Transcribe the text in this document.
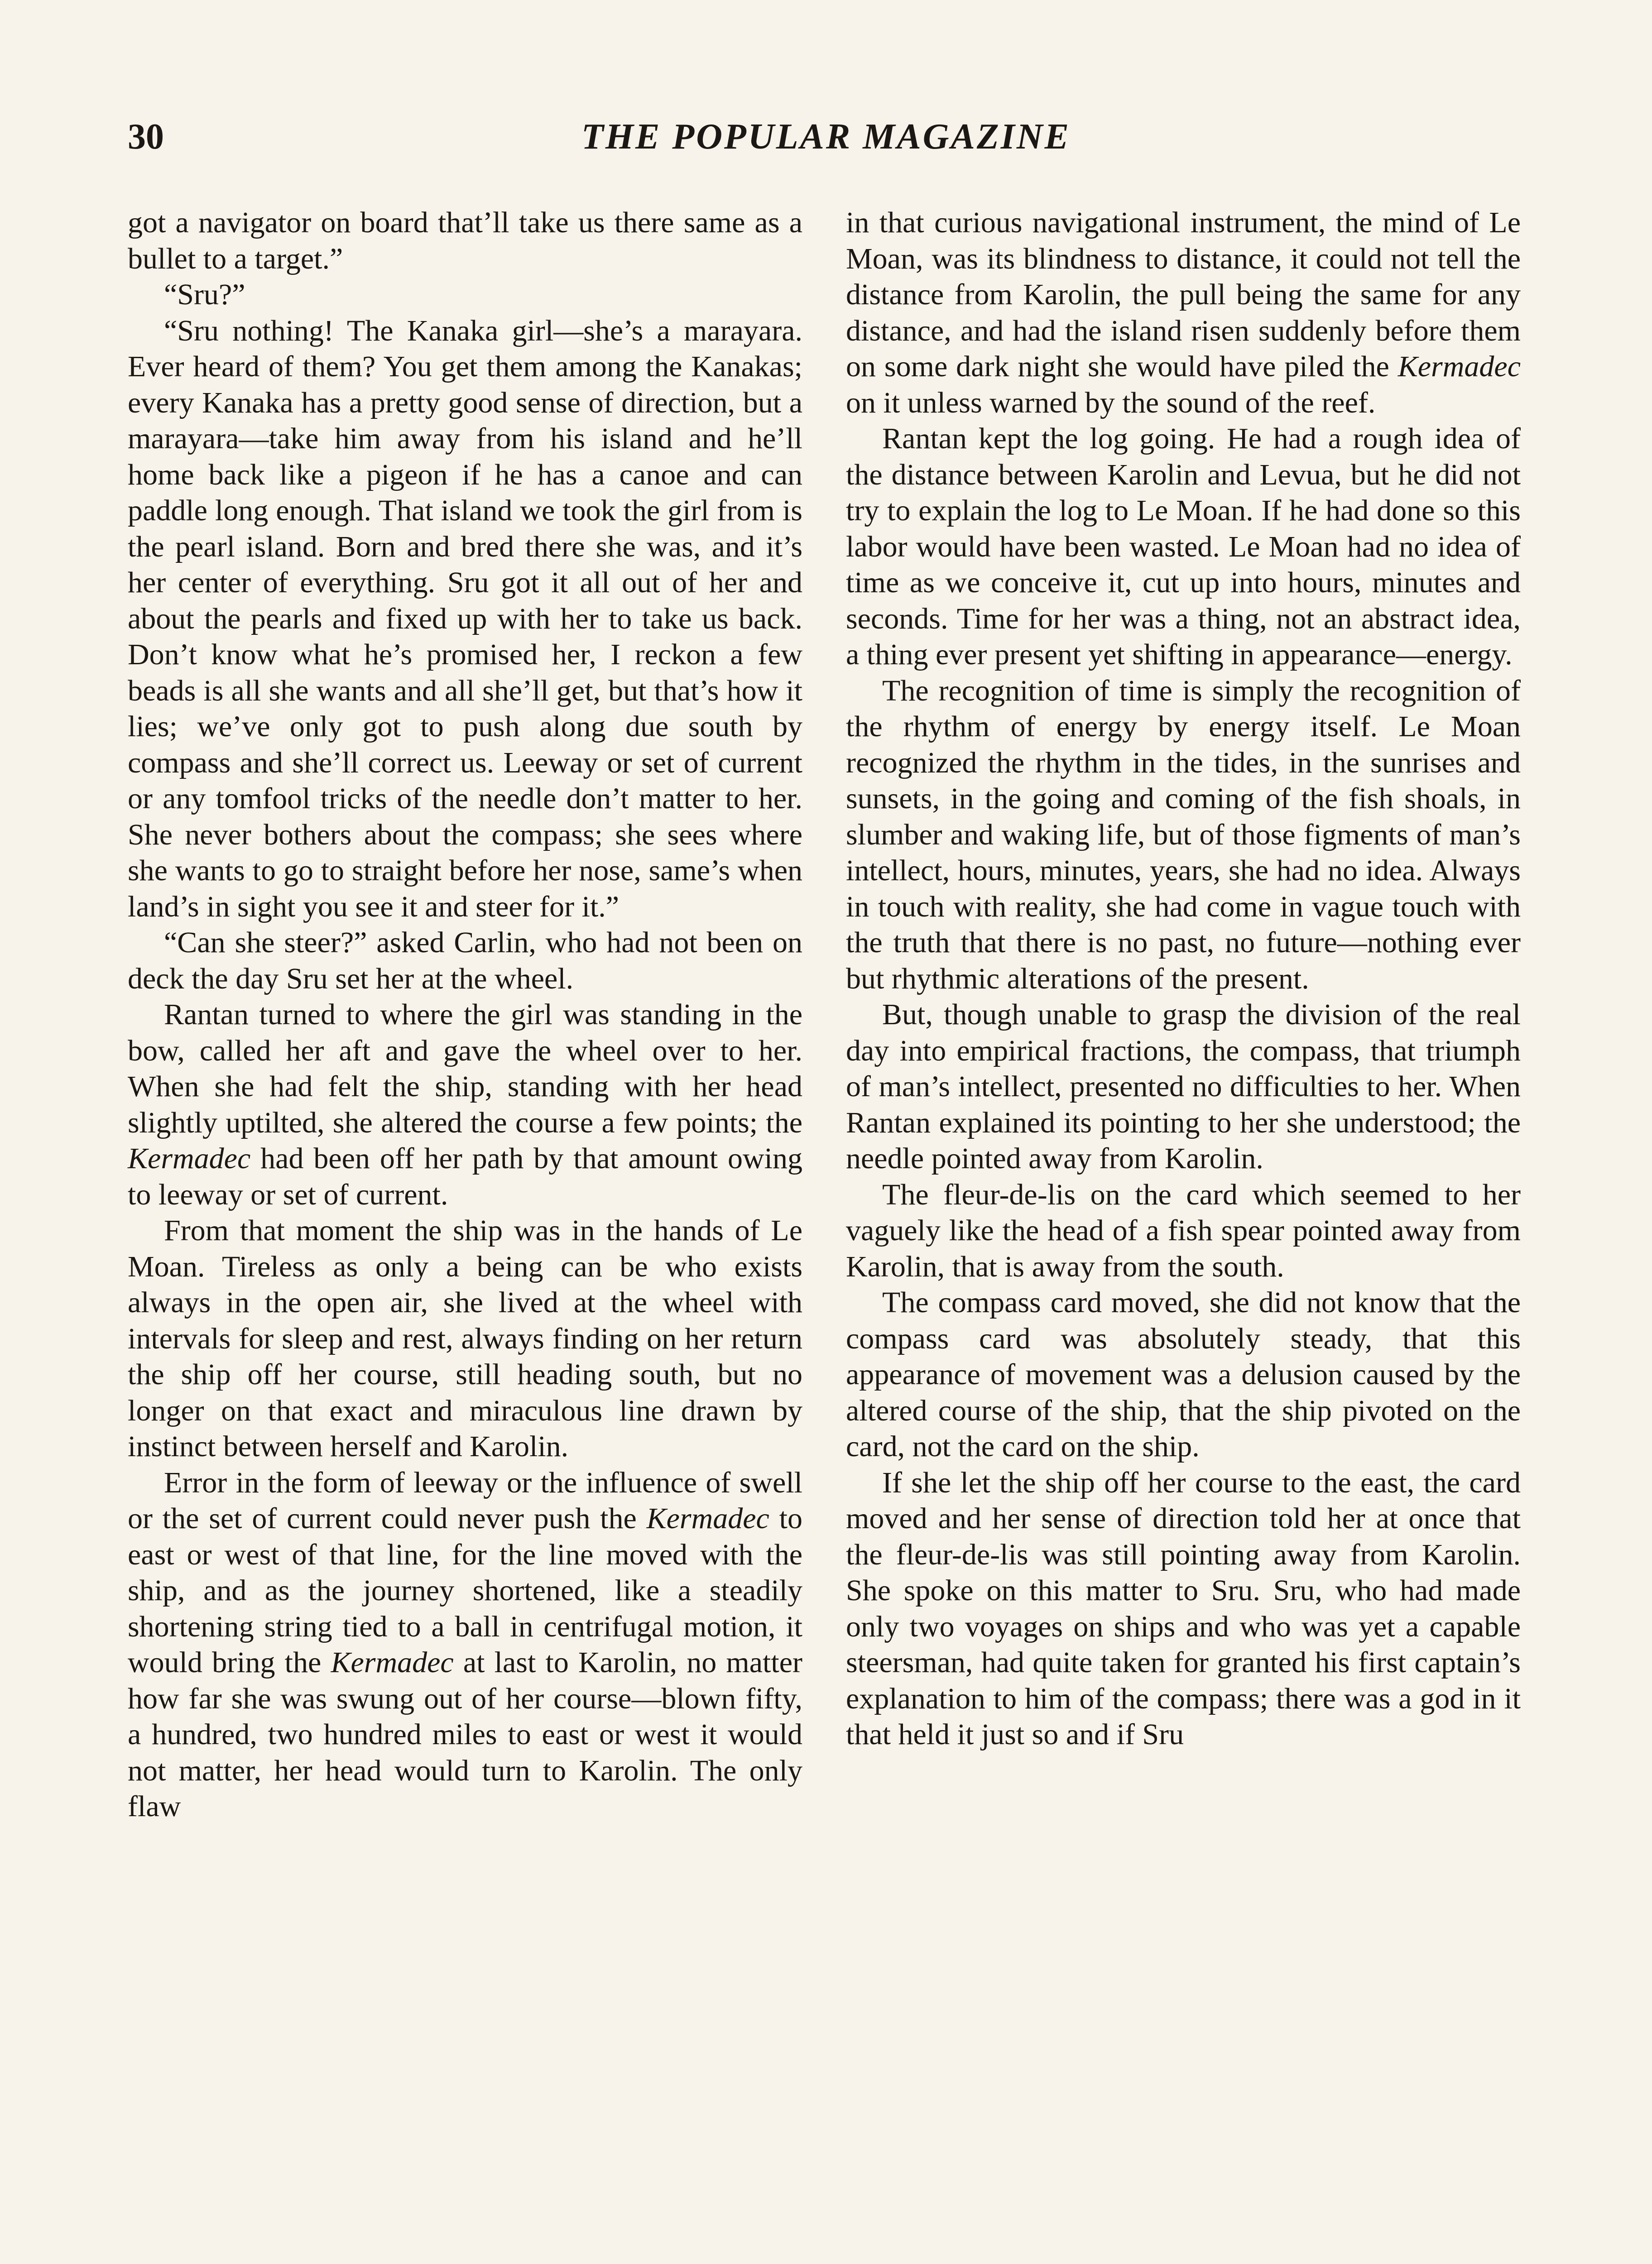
30	THE POPULAR MAGAZINE

got a navigator on board that’ll take us there same as a bullet to a target.”

“Sru?”

“Sru nothing! The Kanaka girl—she’s a marayara. Ever heard of them? You get them among the Kanakas; every Kanaka has a pretty good sense of direction, but a marayara—take him away from his island and he’ll home back like a pigeon if he has a canoe and can paddle long enough. That island we took the girl from is the pearl island. Born and bred there she was, and it’s her center of everything. Sru got it all out of her and about the pearls and fixed up with her to take us back. Don’t know what he’s promised her, I reckon a few beads is all she wants and all she’ll get, but that’s how it lies; we’ve only got to push along due south by compass and she’ll correct us. Leeway or set of current or any tomfool tricks of the needle don’t matter to her. She never bothers about the compass; she sees where she wants to go to straight before her nose, same’s when land’s in sight you see it and steer for it.”

“Can she steer?” asked Carlin, who had not been on deck the day Sru set her at the wheel.

Rantan turned to where the girl was standing in the bow, called her aft and gave the wheel over to her. When she had felt the ship, standing with her head slightly uptilted, she altered the course a few points; the Kermadec had been off her path by that amount owing to leeway or set of current.

From that moment the ship was in the hands of Le Moan. Tireless as only a being can be who exists always in the open air, she lived at the wheel with intervals for sleep and rest, always finding on her return the ship off her course, still heading south, but no longer on that exact and miraculous line drawn by instinct between herself and Karolin.

Error in the form of leeway or the influence of swell or the set of current could never push the Kermadec to east or west of that line, for the line moved with the ship, and as the journey shortened, like a steadily shortening string tied to a ball in centrifugal motion, it would bring the Kermadec at last to Karolin, no matter how far she was swung out of her course—blown fifty, a hundred, two hundred miles to east or west it would not matter, her head would turn to Karolin. The only flaw

in that curious navigational instrument, the mind of Le Moan, was its blindness to distance, it could not tell the distance from Karolin, the pull being the same for any distance, and had the island risen suddenly before them on some dark night she would have piled the Kermadec on it unless warned by the sound of the reef.

Rantan kept the log going. He had a rough idea of the distance between Karolin and Levua, but he did not try to explain the log to Le Moan. If he had done so this labor would have been wasted. Le Moan had no idea of time as we conceive it, cut up into hours, minutes and seconds. Time for her was a thing, not an abstract idea, a thing ever present yet shifting in appearance—energy.

The recognition of time is simply the recognition of the rhythm of energy by energy itself. Le Moan recognized the rhythm in the tides, in the sunrises and sunsets, in the going and coming of the fish shoals, in slumber and waking life, but of those figments of man’s intellect, hours, minutes, years, she had no idea. Always in touch with reality, she had come in vague touch with the truth that there is no past, no future—nothing ever but rhythmic alterations of the present.

But, though unable to grasp the division of the real day into empirical fractions, the compass, that triumph of man’s intellect, presented no difficulties to her. When Rantan explained its pointing to her she understood; the needle pointed away from Karolin.

The fleur-de-lis on the card which seemed to her vaguely like the head of a fish spear pointed away from Karolin, that is away from the south.

The compass card moved, she did not know that the compass card was absolutely steady, that this appearance of movement was a delusion caused by the altered course of the ship, that the ship pivoted on the card, not the card on the ship.

If she let the ship off her course to the east, the card moved and her sense of direction told her at once that the fleur-de-lis was still pointing away from Karolin. She spoke on this matter to Sru. Sru, who had made only two voyages on ships and who was yet a capable steersman, had quite taken for granted his first captain’s explanation to him of the compass; there was a god in it that held it just so and if Sru
